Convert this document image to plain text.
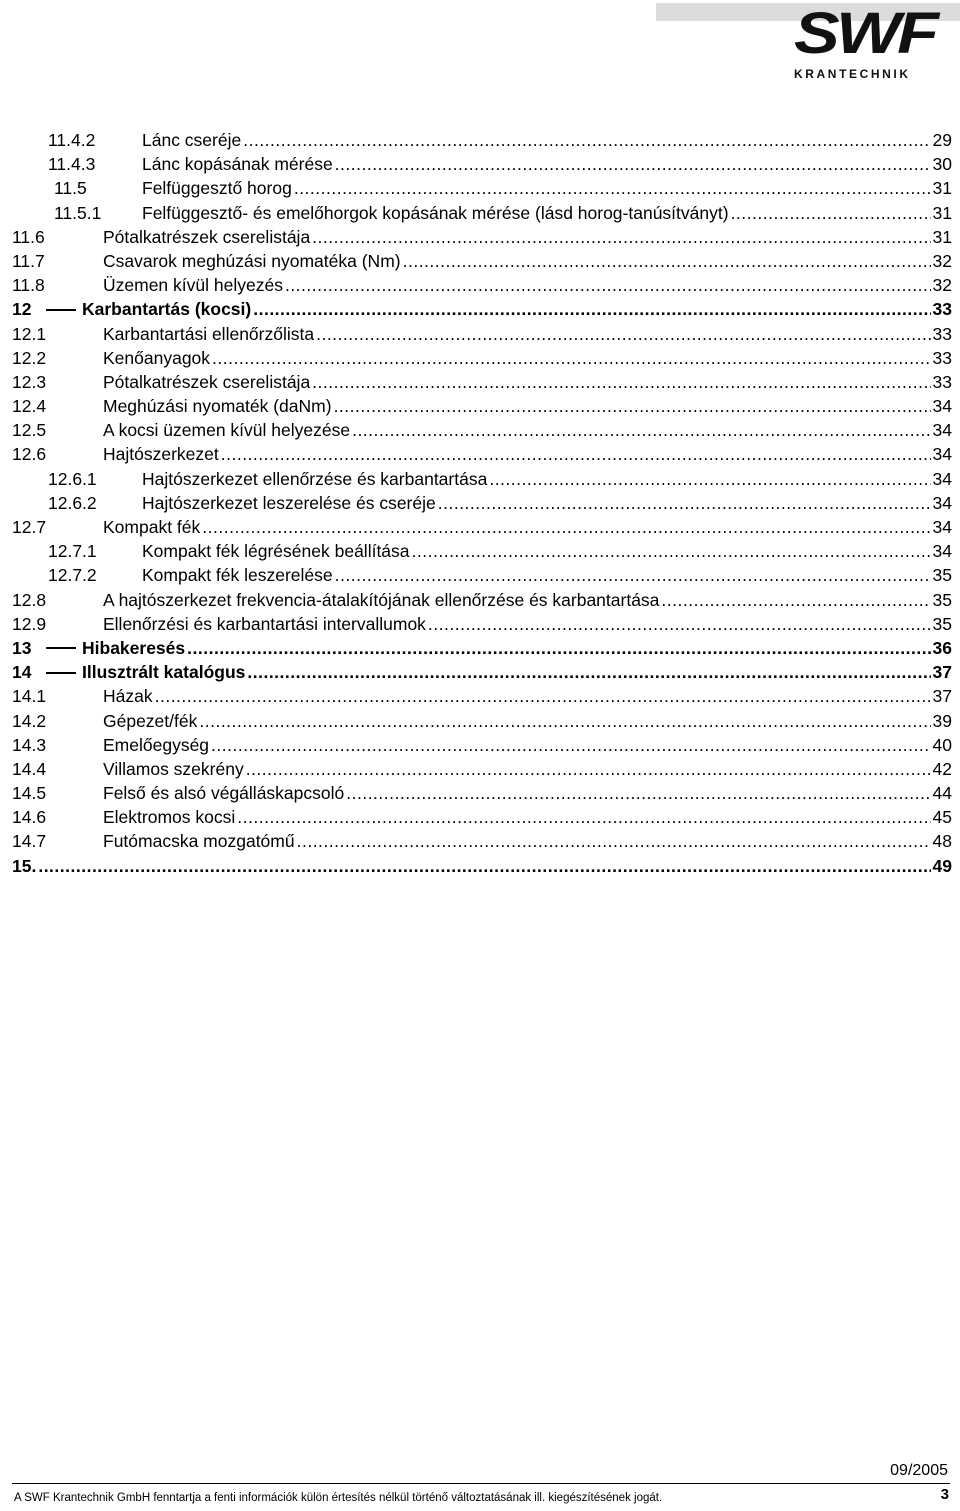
SWF
KRANTECHNIK
11.4.2	Lánc cseréje .....	29
11.4.3	Lánc kopásának mérése .....	30
11.5	Felfüggesztő horog .....	31
11.5.1	Felfüggesztő- és emelőhorgok kopásának mérése (lásd horog-tanúsítványt) .....	31
11.6	Pótalkatrészek cserelistája .....	31
11.7	Csavarok meghúzási nyomatéka (Nm) .....	32
11.8	Üzemen kívül helyezés .....	32
12	Karbantartás (kocsi) .....	33
12.1	Karbantartási ellenőrzőlista .....	33
12.2	Kenőanyagok .....	33
12.3	Pótalkatrészek cserelistája .....	33
12.4	Meghúzási nyomaték (daNm) .....	34
12.5	A kocsi üzemen kívül helyezése .....	34
12.6	Hajtószerkezet .....	34
12.6.1	Hajtószerkezet ellenőrzése és karbantartása .....	34
12.6.2	Hajtószerkezet leszerelése és cseréje .....	34
12.7	Kompakt fék .....	34
12.7.1	Kompakt fék légrésének beállítása .....	34
12.7.2	Kompakt fék leszerelése .....	35
12.8	A hajtószerkezet frekvencia-átalakítójának ellenőrzése és karbantartása .....	35
12.9	Ellenőrzési és karbantartási intervallumok .....	35
13	Hibakeresés .....	36
14	Illusztrált katalógus .....	37
14.1	Házak .....	37
14.2	Gépezet/fék .....	39
14.3	Emelőegység .....	40
14.4	Villamos szekrény .....	42
14.5	Felső és alsó végálláskapcsoló .....	44
14.6	Elektromos kocsi .....	45
14.7	Futómacska mozgatómű .....	48
15. .....	49
09/2005
A SWF Krantechnik GmbH fenntartja a fenti információk külön értesítés nélkül történő változtatásának ill. kiegészítésének jogát.	3
